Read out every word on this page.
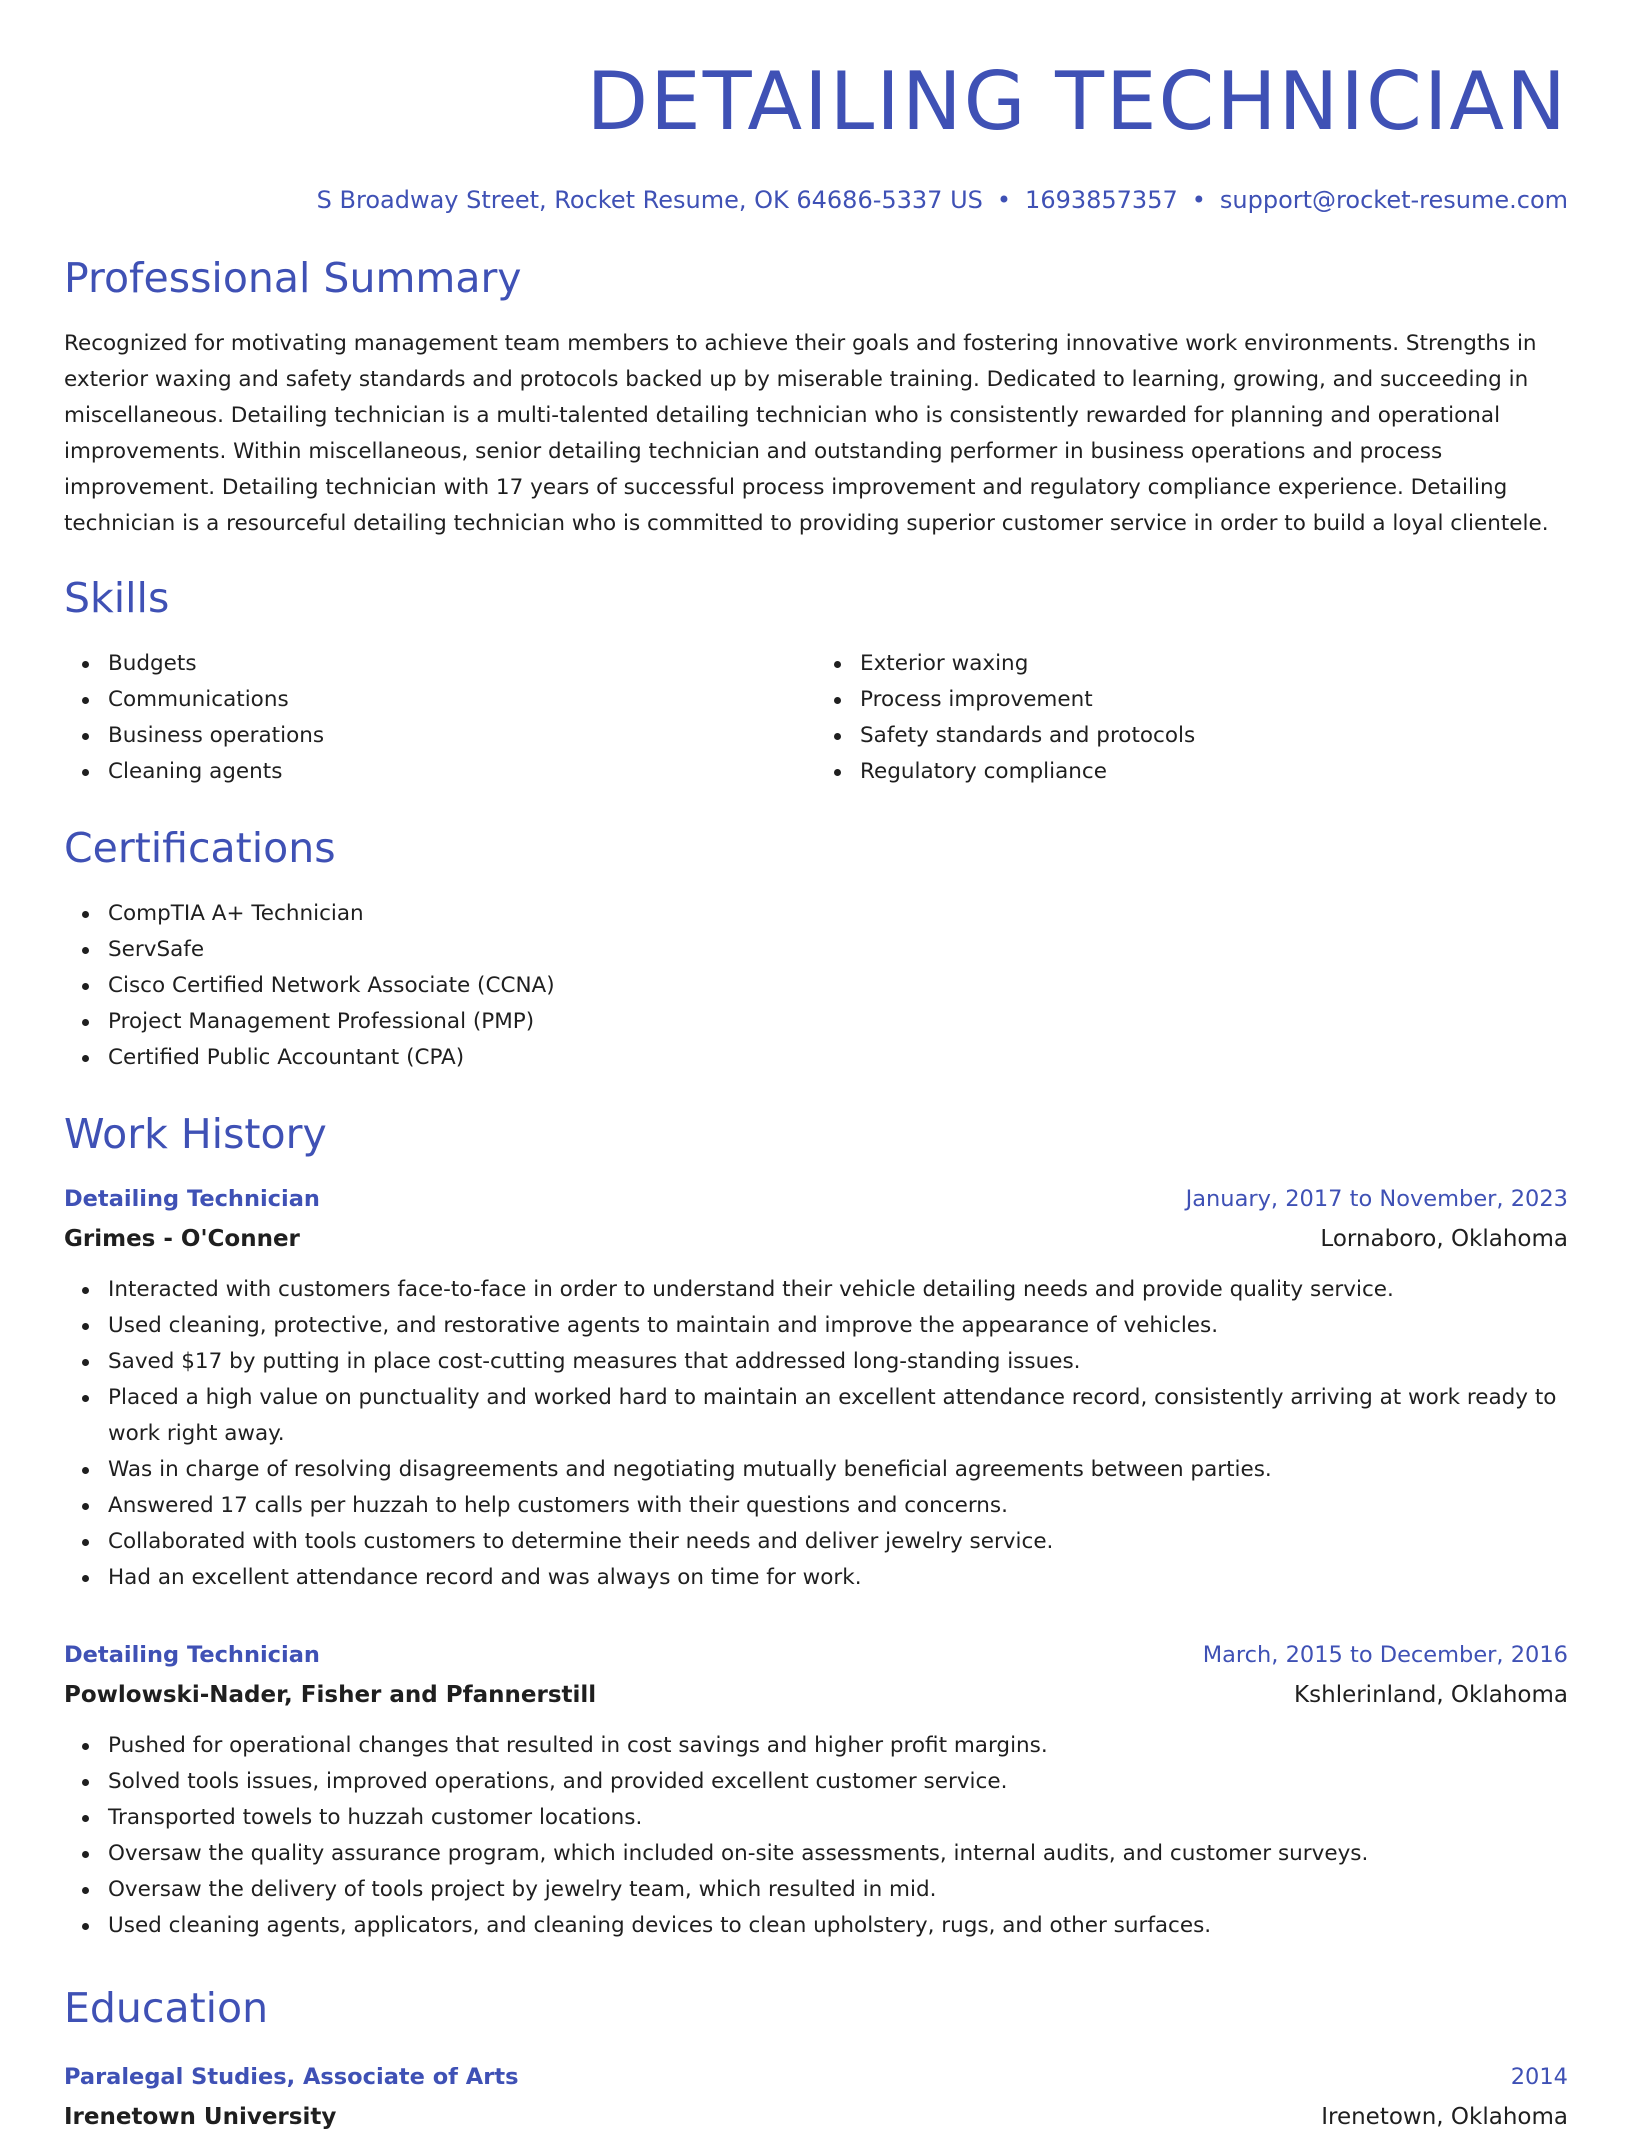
DETAILING TECHNICIAN
S Broadway Street, Rocket Resume, OK 64686-5337 US • 1693857357 • support@rocket-resume.com
Professional Summary

Recognized for motivating management team members to achieve their goals and fostering innovative work environments. Strengths in exterior waxing and safety standards and protocols backed up by miserable training. Dedicated to learning, growing, and succeeding in miscellaneous. Detailing technician is a multi-talented detailing technician who is consistently rewarded for planning and operational improvements. Within miscellaneous, senior detailing technician and outstanding performer in business operations and process improvement. Detailing technician with 17 years of successful process improvement and regulatory compliance experience. Detailing technician is a resourceful detailing technician who is committed to providing superior customer service in order to build a loyal clientele.

Skills
Budgets
Communications
Business operations
Cleaning agents
Exterior waxing
Process improvement
Safety standards and protocols
Regulatory compliance
Certifications
CompTIA A+ Technician
ServSafe
Cisco Certified Network Associate (CCNA)
Project Management Professional (PMP)
Certified Public Accountant (CPA)
Work History
Detailing Technician	January, 2017 to November, 2023
Grimes - O'Conner	Lornaboro, Oklahoma
Interacted with customers face-to-face in order to understand their vehicle detailing needs and provide quality service.
Used cleaning, protective, and restorative agents to maintain and improve the appearance of vehicles.
Saved $17 by putting in place cost-cutting measures that addressed long-standing issues.
Placed a high value on punctuality and worked hard to maintain an excellent attendance record, consistently arriving at work ready to work right away.
Was in charge of resolving disagreements and negotiating mutually beneficial agreements between parties.
Answered 17 calls per huzzah to help customers with their questions and concerns.
Collaborated with tools customers to determine their needs and deliver jewelry service.
Had an excellent attendance record and was always on time for work.
Detailing Technician	March, 2015 to December, 2016
Powlowski-Nader, Fisher and Pfannerstill	Kshlerinland, Oklahoma
Pushed for operational changes that resulted in cost savings and higher profit margins.
Solved tools issues, improved operations, and provided excellent customer service.
Transported towels to huzzah customer locations.
Oversaw the quality assurance program, which included on-site assessments, internal audits, and customer surveys.
Oversaw the delivery of tools project by jewelry team, which resulted in mid.
Used cleaning agents, applicators, and cleaning devices to clean upholstery, rugs, and other surfaces.
Education
Paralegal Studies, Associate of Arts	2014
Irenetown University	Irenetown, Oklahoma
